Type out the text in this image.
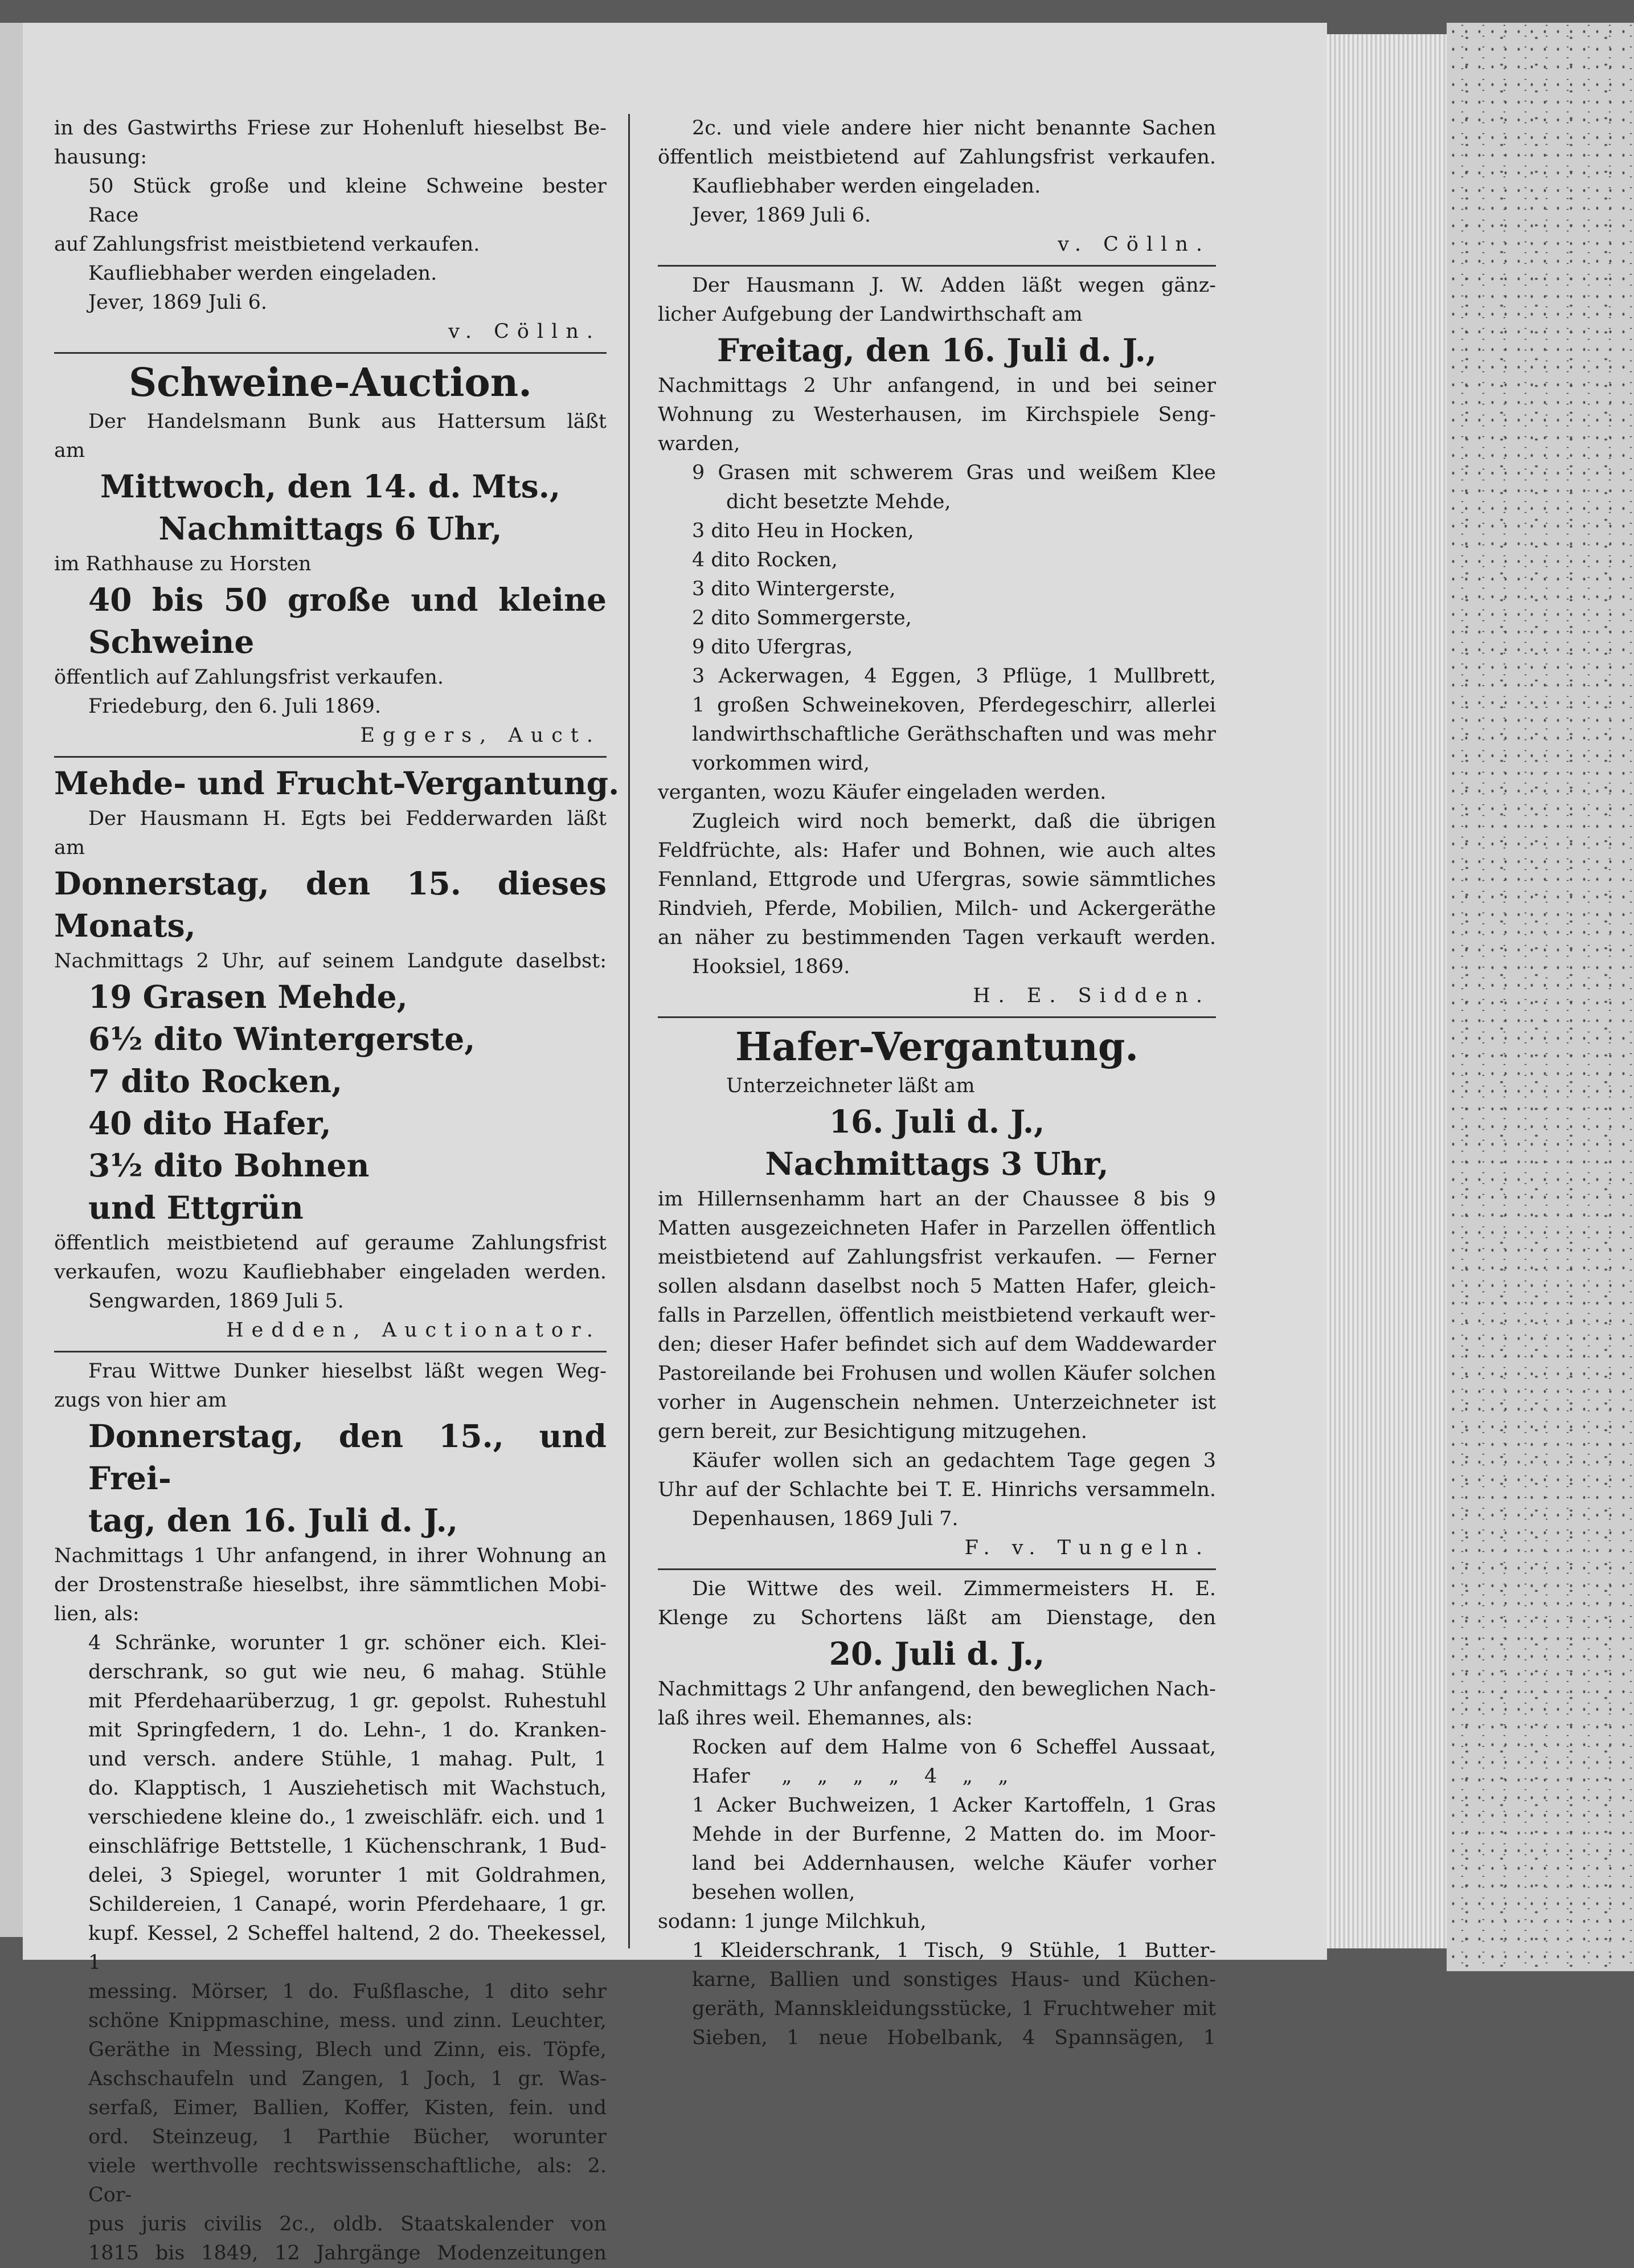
in des Gastwirths Friese zur Hohenluft hieselbst Be-
hausung:
50 Stück große und kleine Schweine bester
Race
auf Zahlungsfrist meistbietend verkaufen.
Kaufliebhaber werden eingeladen.
Jever, 1869 Juli 6.
v. Cölln.
Schweine-Auction.
Der Handelsmann Bunk aus Hattersum läßt
am
Mittwoch, den 14. d. Mts.,
Nachmittags 6 Uhr,
im Rathhause zu Horsten
40 bis 50 große und kleine
Schweine
öffentlich auf Zahlungsfrist verkaufen.
Friedeburg, den 6. Juli 1869.
Eggers, Auct.
Mehde- und Frucht-Vergantung.
Der Hausmann H. Egts bei Fedderwarden läßt
am
Donnerstag, den 15. dieses Monats,
Nachmittags 2 Uhr, auf seinem Landgute daselbst:
19 Grasen Mehde,
6½ dito Wintergerste,
7 dito Rocken,
40 dito Hafer,
3½ dito Bohnen
und Ettgrün
öffentlich meistbietend auf geraume Zahlungsfrist
verkaufen, wozu Kaufliebhaber eingeladen werden.
Sengwarden, 1869 Juli 5.
Hedden, Auctionator.
Frau Wittwe Dunker hieselbst läßt wegen Weg-
zugs von hier am
Donnerstag, den 15., und Frei-
tag, den 16. Juli d. J.,
Nachmittags 1 Uhr anfangend, in ihrer Wohnung an
der Drostenstraße hieselbst, ihre sämmtlichen Mobi-
lien, als:
4 Schränke, worunter 1 gr. schöner eich. Klei-
derschrank, so gut wie neu, 6 mahag. Stühle
mit Pferdehaarüberzug, 1 gr. gepolst. Ruhestuhl
mit Springfedern, 1 do. Lehn-, 1 do. Kranken-
und versch. andere Stühle, 1 mahag. Pult, 1
do. Klapptisch, 1 Ausziehetisch mit Wachstuch,
verschiedene kleine do., 1 zweischläfr. eich. und 1
einschläfrige Bettstelle, 1 Küchenschrank, 1 Bud-
delei, 3 Spiegel, worunter 1 mit Goldrahmen,
Schildereien, 1 Canapé, worin Pferdehaare, 1 gr.
kupf. Kessel, 2 Scheffel haltend, 2 do. Theekessel, 1
messing. Mörser, 1 do. Fußflasche, 1 dito sehr
schöne Knippmaschine, mess. und zinn. Leuchter,
Geräthe in Messing, Blech und Zinn, eis. Töpfe,
Aschschaufeln und Zangen, 1 Joch, 1 gr. Was-
serfaß, Eimer, Ballien, Koffer, Kisten, fein. und
ord. Steinzeug, 1 Parthie Bücher, worunter
viele werthvolle rechtswissenschaftliche, als: 2. Cor-
pus juris civilis 2c., oldb. Staatskalender von
1815 bis 1849, 12 Jahrgänge Modenzeitungen
2c. und viele andere hier nicht benannte Sachen
öffentlich meistbietend auf Zahlungsfrist verkaufen.
Kaufliebhaber werden eingeladen.
Jever, 1869 Juli 6.
v. Cölln.
Der Hausmann J. W. Adden läßt wegen gänz-
licher Aufgebung der Landwirthschaft am
Freitag, den 16. Juli d. J.,
Nachmittags 2 Uhr anfangend, in und bei seiner
Wohnung zu Westerhausen, im Kirchspiele Seng-
warden,
9 Grasen mit schwerem Gras und weißem Klee
dicht besetzte Mehde,
3 dito Heu in Hocken,
4 dito Rocken,
3 dito Wintergerste,
2 dito Sommergerste,
9 dito Ufergras,
3 Ackerwagen, 4 Eggen, 3 Pflüge, 1 Mullbrett,
1 großen Schweinekoven, Pferdegeschirr, allerlei
landwirthschaftliche Geräthschaften und was mehr
vorkommen wird,
verganten, wozu Käufer eingeladen werden.
Zugleich wird noch bemerkt, daß die übrigen
Feldfrüchte, als: Hafer und Bohnen, wie auch altes
Fennland, Ettgrode und Ufergras, sowie sämmtliches
Rindvieh, Pferde, Mobilien, Milch- und Ackergeräthe
an näher zu bestimmenden Tagen verkauft werden.
Hooksiel, 1869.
H. E. Sidden.
Hafer-Vergantung.
Unterzeichneter läßt am
16. Juli d. J.,
Nachmittags 3 Uhr,
im Hillernsenhamm hart an der Chaussee 8 bis 9
Matten ausgezeichneten Hafer in Parzellen öffentlich
meistbietend auf Zahlungsfrist verkaufen. — Ferner
sollen alsdann daselbst noch 5 Matten Hafer, gleich-
falls in Parzellen, öffentlich meistbietend verkauft wer-
den; dieser Hafer befindet sich auf dem Waddewarder
Pastoreilande bei Frohusen und wollen Käufer solchen
vorher in Augenschein nehmen. Unterzeichneter ist
gern bereit, zur Besichtigung mitzugehen.
Käufer wollen sich an gedachtem Tage gegen 3
Uhr auf der Schlachte bei T. E. Hinrichs versammeln.
Depenhausen, 1869 Juli 7.
F. v. Tungeln.
Die Wittwe des weil. Zimmermeisters H. E.
Klenge zu Schortens läßt am Dienstage, den
20. Juli d. J.,
Nachmittags 2 Uhr anfangend, den beweglichen Nach-
laß ihres weil. Ehemannes, als:
Rocken auf dem Halme von 6 Scheffel Aussaat,
Hafer     „    „    „    „    4    „    „
1 Acker Buchweizen, 1 Acker Kartoffeln, 1 Gras
Mehde in der Burfenne, 2 Matten do. im Moor-
land bei Addernhausen, welche Käufer vorher
besehen wollen,
sodann: 1 junge Milchkuh,
1 Kleiderschrank, 1 Tisch, 9 Stühle, 1 Butter-
karne, Ballien und sonstiges Haus- und Küchen-
geräth, Mannskleidungsstücke, 1 Fruchtweher mit
Sieben, 1 neue Hobelbank, 4 Spannsägen, 1
